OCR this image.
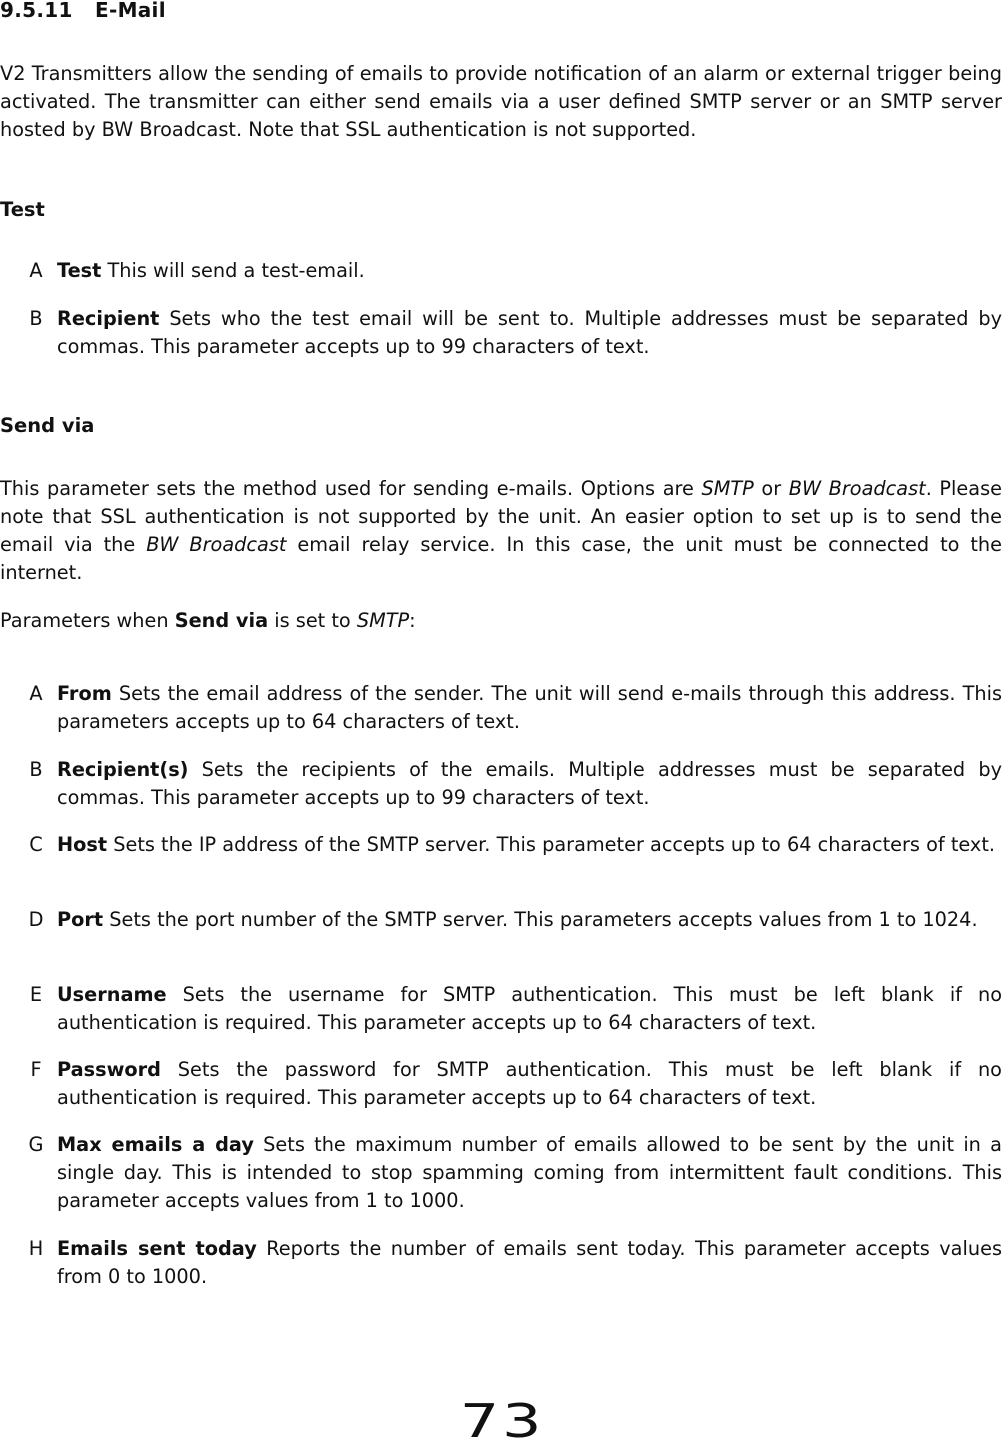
9.5.11 E-Mail
V2 Transmitters allow the sending of emails to provide notification of an alarm or external trigger being activated. The transmitter can either send emails via a user defined SMTP server or an SMTP server hosted by BW Broadcast. Note that SSL authentication is not supported.
Test
A Test This will send a test-email.
B Recipient Sets who the test email will be sent to. Multiple addresses must be separated by commas. This parameter accepts up to 99 characters of text.
Send via
This parameter sets the method used for sending e-mails. Options are SMTP or BW Broadcast. Please note that SSL authentication is not supported by the unit. An easier option to set up is to send the email via the BW Broadcast email relay service. In this case, the unit must be connected to the internet.
Parameters when Send via is set to SMTP:
A From Sets the email address of the sender. The unit will send e-mails through this address. This parameters accepts up to 64 characters of text.
B Recipient(s) Sets the recipients of the emails. Multiple addresses must be separated by commas. This parameter accepts up to 99 characters of text.
C Host Sets the IP address of the SMTP server. This parameter accepts up to 64 characters of text.
D Port Sets the port number of the SMTP server. This parameters accepts values from 1 to 1024.
E Username Sets the username for SMTP authentication. This must be left blank if no authentication is required. This parameter accepts up to 64 characters of text.
F Password Sets the password for SMTP authentication. This must be left blank if no authentication is required. This parameter accepts up to 64 characters of text.
G Max emails a day Sets the maximum number of emails allowed to be sent by the unit in a single day. This is intended to stop spamming coming from intermittent fault conditions. This parameter accepts values from 1 to 1000.
H Emails sent today Reports the number of emails sent today. This parameter accepts values from 0 to 1000.
73
